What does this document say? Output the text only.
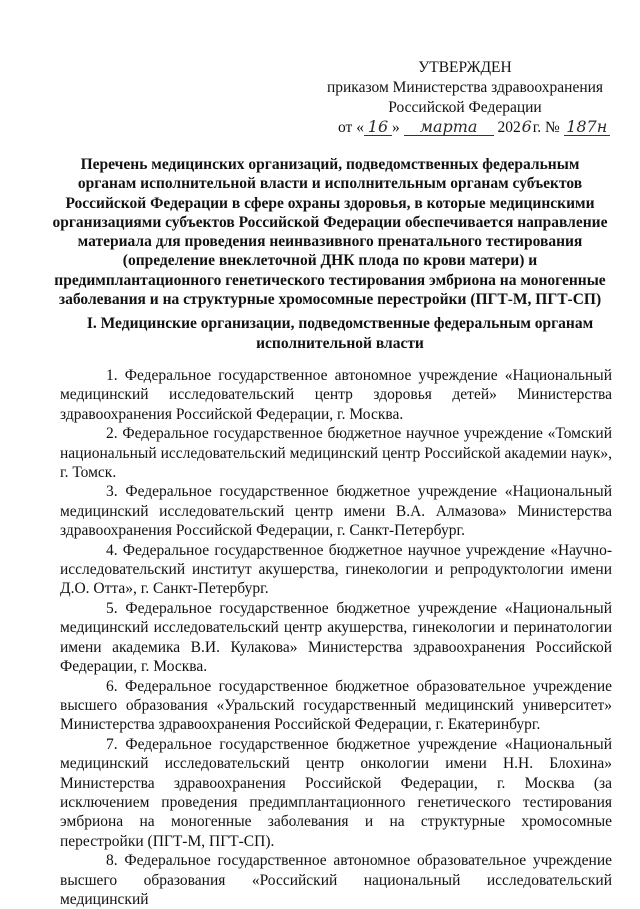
УТВЕРЖДЕН
приказом Министерства здравоохранения
Российской Федерации
от « 16 » марта 2026г. № 187н
Перечень медицинских организаций, подведомственных федеральным органам исполнительной власти и исполнительным органам субъектов Российской Федерации в сфере охраны здоровья, в которые медицинскими организациями субъектов Российской Федерации обеспечивается направление материала для проведения неинвазивного пренатального тестирования (определение внеклеточной ДНК плода по крови матери) и предимплантационного генетического тестирования эмбриона на моногенные заболевания и на структурные хромосомные перестройки (ПГТ-М, ПГТ-СП)
I. Медицинские организации, подведомственные федеральным органам исполнительной власти

1. Федеральное государственное автономное учреждение «Национальный медицинский исследовательский центр здоровья детей» Министерства здравоохранения Российской Федерации, г. Москва.

2. Федеральное государственное бюджетное научное учреждение «Томский национальный исследовательский медицинский центр Российской академии наук», г. Томск.

3. Федеральное государственное бюджетное учреждение «Национальный медицинский исследовательский центр имени В.А. Алмазова» Министерства здравоохранения Российской Федерации, г. Санкт-Петербург.

4. Федеральное государственное бюджетное научное учреждение «Научно-исследовательский институт акушерства, гинекологии и репродуктологии имени Д.О. Отта», г. Санкт-Петербург.

5. Федеральное государственное бюджетное учреждение «Национальный медицинский исследовательский центр акушерства, гинекологии и перинатологии имени академика В.И. Кулакова» Министерства здравоохранения Российской Федерации, г. Москва.

6. Федеральное государственное бюджетное образовательное учреждение высшего образования «Уральский государственный медицинский университет» Министерства здравоохранения Российской Федерации, г. Екатеринбург.

7. Федеральное государственное бюджетное учреждение «Национальный медицинский исследовательский центр онкологии имени Н.Н. Блохина» Министерства здравоохранения Российской Федерации, г. Москва (за исключением проведения предимплантационного генетического тестирования эмбриона на моногенные заболевания и на структурные хромосомные перестройки (ПГТ-М, ПГТ-СП).

8. Федеральное государственное автономное образовательное учреждение высшего образования «Российский национальный исследовательский медицинский
